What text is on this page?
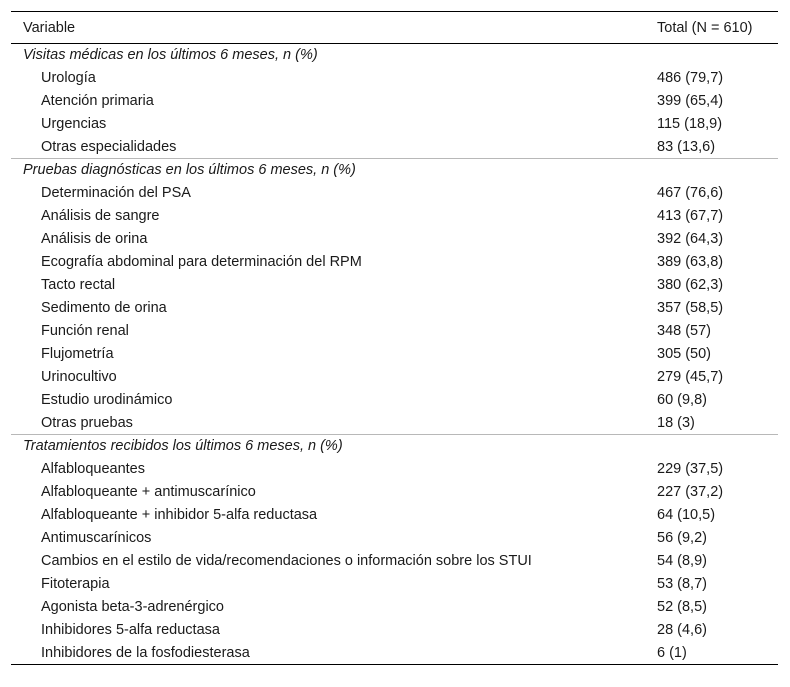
Variable	Total (N = 610)
Visitas médicas en los últimos 6 meses, n (%)	
Urología	486 (79,7)
Atención primaria	399 (65,4)
Urgencias	115 (18,9)
Otras especialidades	83 (13,6)
Pruebas diagnósticas en los últimos 6 meses, n (%)	
Determinación del PSA	467 (76,6)
Análisis de sangre	413 (67,7)
Análisis de orina	392 (64,3)
Ecografía abdominal para determinación del RPM	389 (63,8)
Tacto rectal	380 (62,3)
Sedimento de orina	357 (58,5)
Función renal	348 (57)
Flujometría	305 (50)
Urinocultivo	279 (45,7)
Estudio urodinámico	60 (9,8)
Otras pruebas	18 (3)
Tratamientos recibidos los últimos 6 meses, n (%)	
Alfabloqueantes	229 (37,5)
Alfabloqueante + antimuscarínico	227 (37,2)
Alfabloqueante + inhibidor 5-alfa reductasa	64 (10,5)
Antimuscarínicos	56 (9,2)
Cambios en el estilo de vida/recomendaciones o información sobre los STUI	54 (8,9)
Fitoterapia	53 (8,7)
Agonista beta-3-adrenérgico	52 (8,5)
Inhibidores 5-alfa reductasa	28 (4,6)
Inhibidores de la fosfodiesterasa	6 (1)
